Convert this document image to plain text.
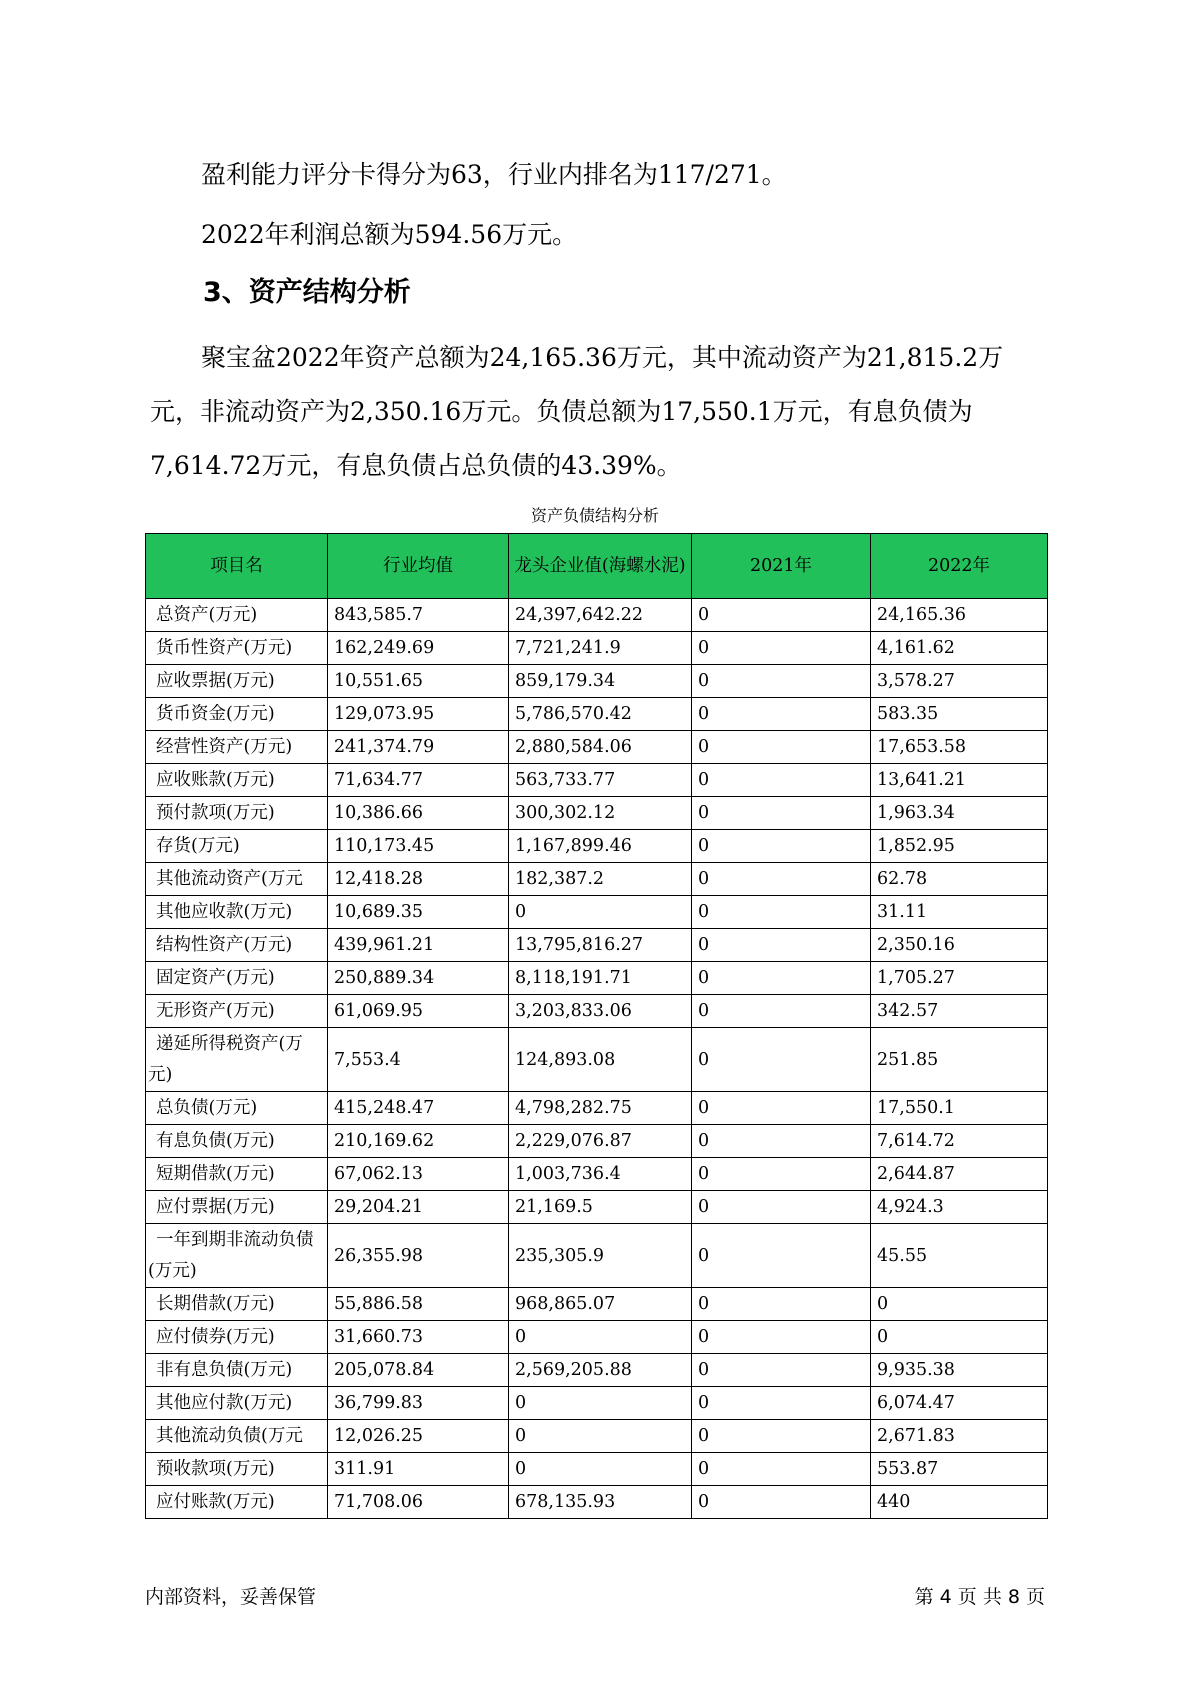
盈利能力评分卡得分为63，行业内排名为117/271。
2022年利润总额为594.56万元。
3、资产结构分析
聚宝盆2022年资产总额为24,165.36万元，其中流动资产为21,815.2万元，非流动资产为2,350.16万元。负债总额为17,550.1万元，有息负债为7,614.72万元，有息负债占总负债的43.39%。
资产负债结构分析
项目名	行业均值	龙头企业值(海螺水泥)	2021年	2022年
总资产(万元)	843,585.7	24,397,642.22	0	24,165.36
货币性资产(万元)	162,249.69	7,721,241.9	0	4,161.62
应收票据(万元)	10,551.65	859,179.34	0	3,578.27
货币资金(万元)	129,073.95	5,786,570.42	0	583.35
经营性资产(万元)	241,374.79	2,880,584.06	0	17,653.58
应收账款(万元)	71,634.77	563,733.77	0	13,641.21
预付款项(万元)	10,386.66	300,302.12	0	1,963.34
存货(万元)	110,173.45	1,167,899.46	0	1,852.95
其他流动资产(万元	12,418.28	182,387.2	0	62.78
其他应收款(万元)	10,689.35	0	0	31.11
结构性资产(万元)	439,961.21	13,795,816.27	0	2,350.16
固定资产(万元)	250,889.34	8,118,191.71	0	1,705.27
无形资产(万元)	61,069.95	3,203,833.06	0	342.57
递延所得税资产(万元)	7,553.4	124,893.08	0	251.85
总负债(万元)	415,248.47	4,798,282.75	0	17,550.1
有息负债(万元)	210,169.62	2,229,076.87	0	7,614.72
短期借款(万元)	67,062.13	1,003,736.4	0	2,644.87
应付票据(万元)	29,204.21	21,169.5	0	4,924.3
一年到期非流动负债(万元)	26,355.98	235,305.9	0	45.55
长期借款(万元)	55,886.58	968,865.07	0	0
应付债券(万元)	31,660.73	0	0	0
非有息负债(万元)	205,078.84	2,569,205.88	0	9,935.38
其他应付款(万元)	36,799.83	0	0	6,074.47
其他流动负债(万元	12,026.25	0	0	2,671.83
预收款项(万元)	311.91	0	0	553.87
应付账款(万元)	71,708.06	678,135.93	0	440
内部资料，妥善保管	第 4 页 共 8 页
